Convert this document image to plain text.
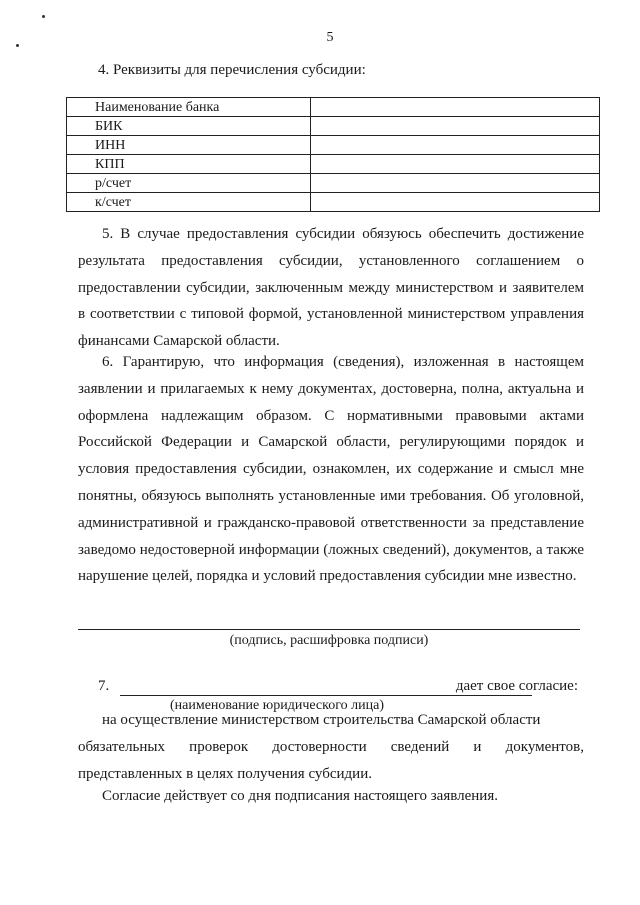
5
4. Реквизиты для перечисления субсидии:
Наименование банка	
БИК	
ИНН	
КПП	
р/счет	
к/счет	

5. В случае предоставления субсидии обязуюсь обеспечить достижение результата предоставления субсидии, установленного соглашением о предоставлении субсидии, заключенным между министерством и заявителем в соответствии с типовой формой, установленной министерством управления финансами Самарской области.

6. Гарантирую, что информация (сведения), изложенная в настоящем заявлении и прилагаемых к нему документах, достоверна, полна, актуальна и оформлена надлежащим образом. С нормативными правовыми актами Российской Федерации и Самарской области, регулирующими порядок и условия предоставления субсидии, ознакомлен, их содержание и смысл мне понятны, обязуюсь выполнять установленные ими требования. Об уголовной, административной и гражданско-правовой ответственности за представление заведомо недостоверной информации (ложных сведений), документов, а также нарушение целей, порядка и условий предоставления субсидии мне известно.

(подпись, расшифровка подписи)
7.	дает свое согласие:
(наименование юридического лица)

на осуществление министерством строительства Самарской области
обязательных проверок достоверности сведений и документов, представленных в целях получения субсидии.

Согласие действует со дня подписания настоящего заявления.
